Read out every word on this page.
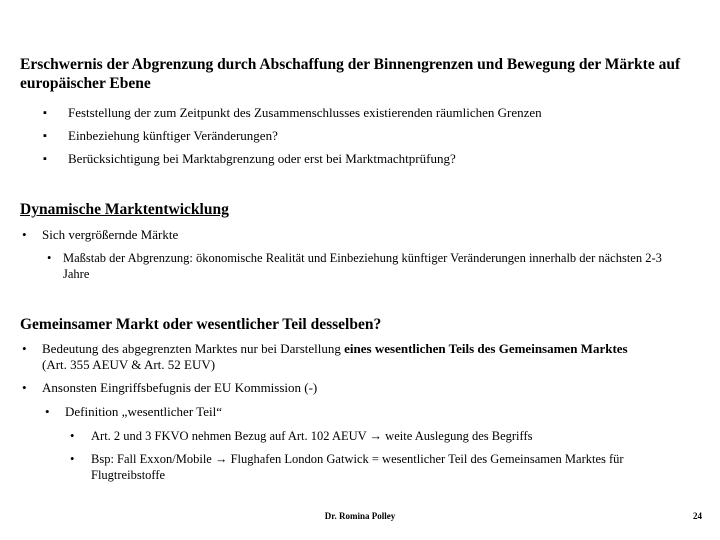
Erschwernis der Abgrenzung durch Abschaffung der Binnengrenzen und Bewegung der Märkte auf europäischer Ebene
▪ Feststellung der zum Zeitpunkt des Zusammenschlusses existierenden räumlichen Grenzen
▪ Einbeziehung künftiger Veränderungen?
▪ Berücksichtigung bei Marktabgrenzung oder erst bei Marktmachtprüfung?
Dynamische Marktentwicklung
• Sich vergrößernde Märkte
• Maßstab der Abgrenzung: ökonomische Realität und Einbeziehung künftiger Veränderungen innerhalb der nächsten 2-3 Jahre
Gemeinsamer Markt oder wesentlicher Teil desselben?
• Bedeutung des abgegrenzten Marktes nur bei Darstellung eines wesentlichen Teils des Gemeinsamen Marktes
(Art. 355 AEUV & Art. 52 EUV)
• Ansonsten Eingriffsbefugnis der EU Kommission (-)
• Definition „wesentlicher Teil“
• Art. 2 und 3 FKVO nehmen Bezug auf Art. 102 AEUV → weite Auslegung des Begriffs
• Bsp: Fall Exxon/Mobile → Flughafen London Gatwick = wesentlicher Teil des Gemeinsamen Marktes für Flugtreibstoffe
Dr. Romina Polley	24
